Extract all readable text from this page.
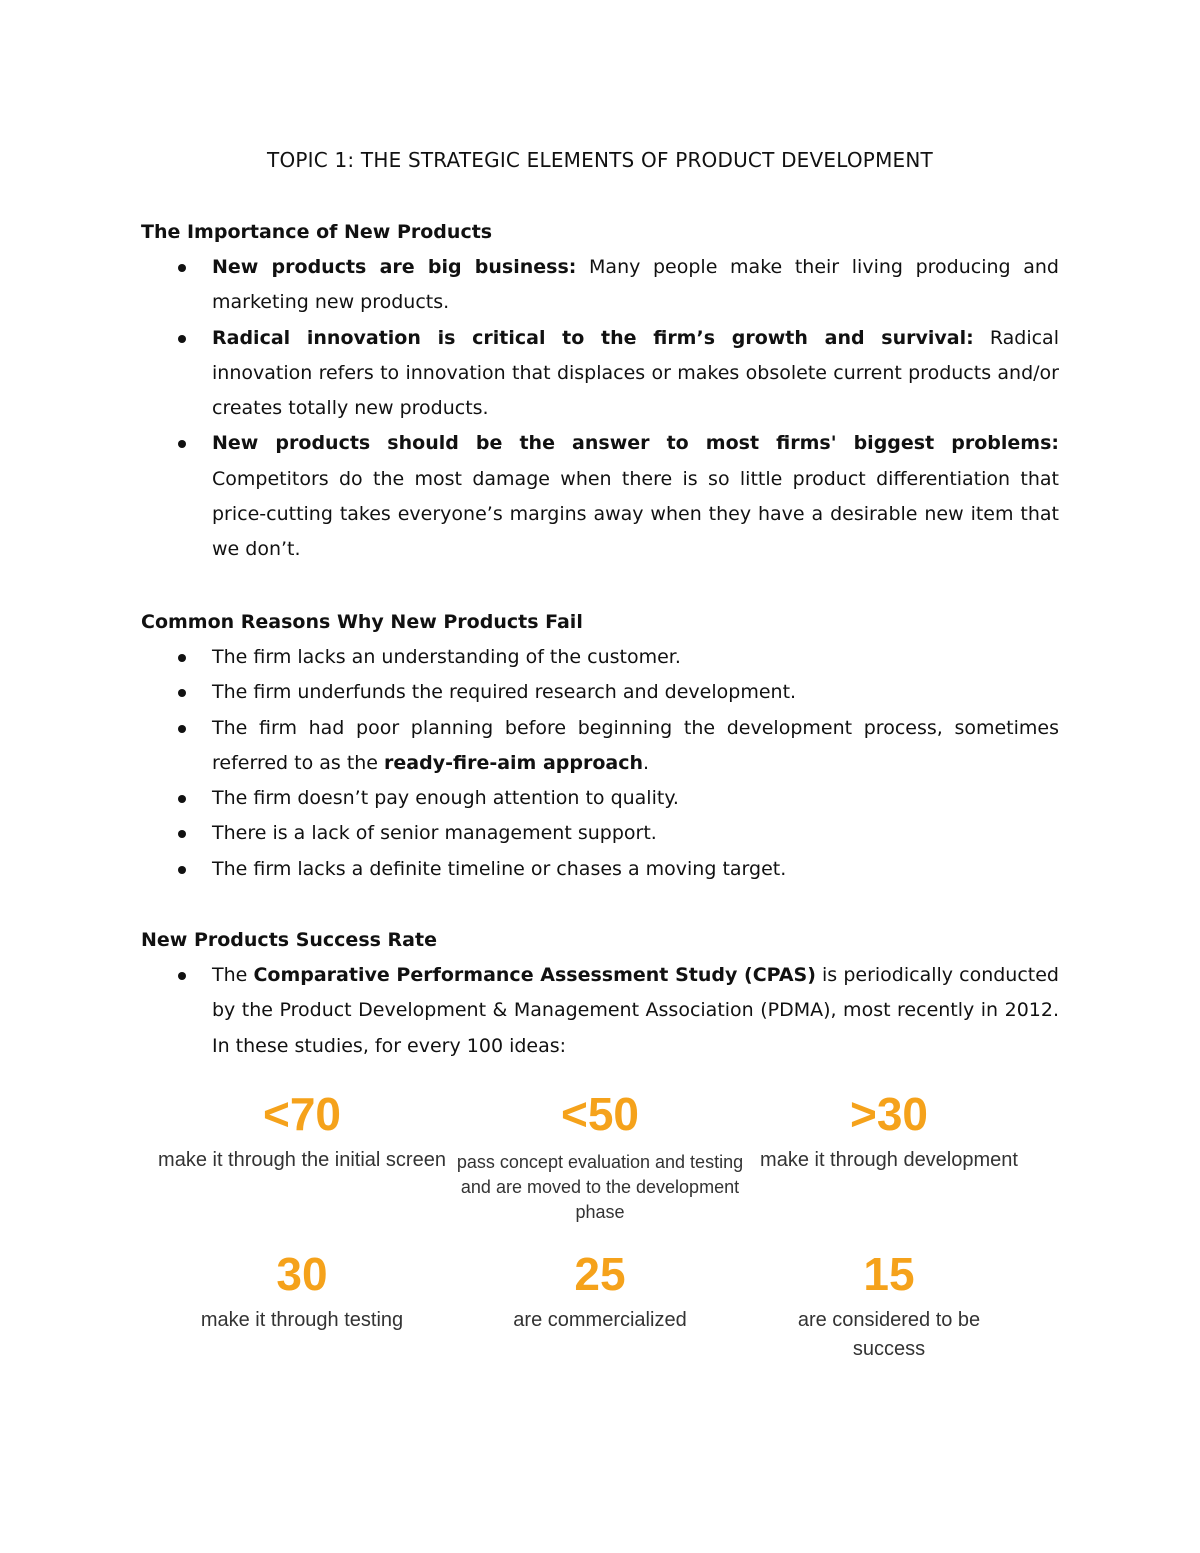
TOPIC 1: THE STRATEGIC ELEMENTS OF PRODUCT DEVELOPMENT

The Importance of New Products

New products are big business: Many people make their living producing and marketing new products.
Radical innovation is critical to the firm’s growth and survival: Radical innovation refers to innovation that displaces or makes obsolete current products and/or creates totally new products.
New products should be the answer to most firms' biggest problems: Competitors do the most damage when there is so little product differentiation that price-cutting takes everyone’s margins away when they have a desirable new item that we don’t.

Common Reasons Why New Products Fail

The firm lacks an understanding of the customer.
The firm underfunds the required research and development.
The firm had poor planning before beginning the development process, sometimes referred to as the ready-fire-aim approach.
The firm doesn’t pay enough attention to quality.
There is a lack of senior management support.
The firm lacks a definite timeline or chases a moving target.

New Products Success Rate

The Comparative Performance Assessment Study (CPAS) is periodically conducted by the Product Development & Management Association (PDMA), most recently in 2012. In these studies, for every 100 ideas:
<70
make it through the initial screen
<50
pass concept evaluation and testing and are moved to the development phase
>30
make it through development
30
make it through testing
25
are commercialized
15
are considered to be success
